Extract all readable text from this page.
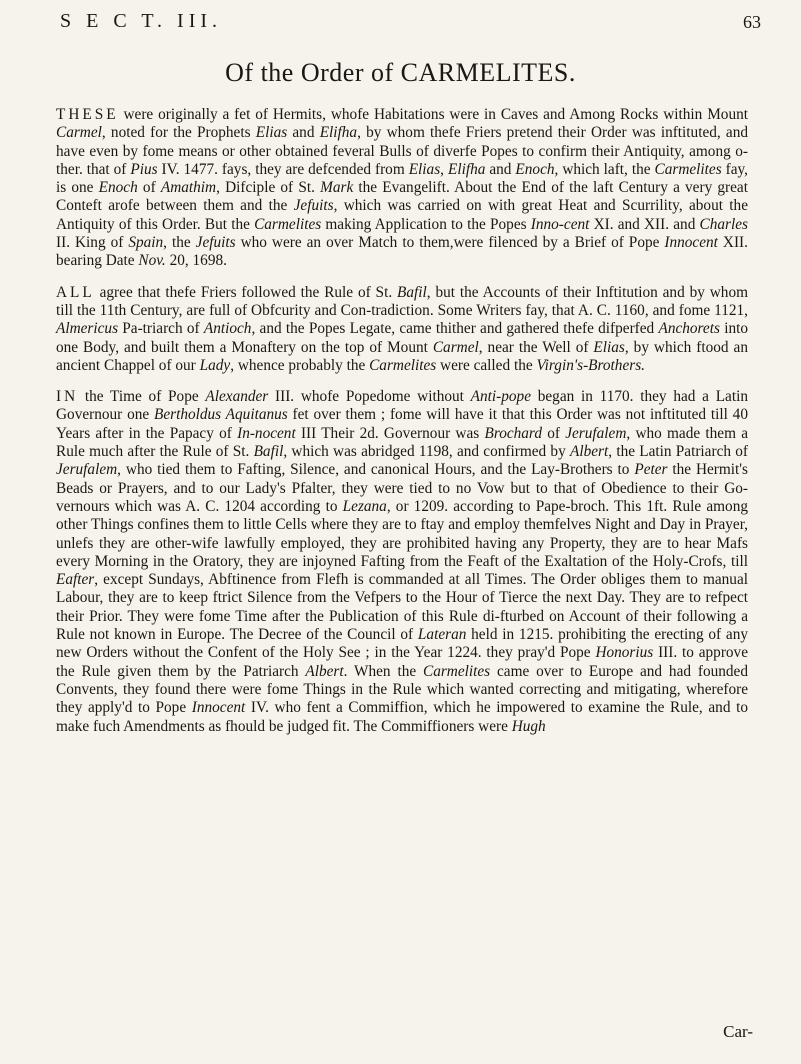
S E C T. III.	63
Of the Order of CARMELITES.

THESE were originally a fet of Hermits, whofe Habitations were in Caves and Among Rocks within Mount Carmel, noted for the Prophets Elias and Elifha, by whom thefe Friers pretend their Order was inftituted, and have even by fome means or other obtained feveral Bulls of diverfe Popes to confirm their Antiquity, among o-ther. that of Pius IV. 1477. fays, they are defcended from Elias, Elifha and Enoch, which laft, the Carmelites fay, is one Enoch of Amathim, Difciple of St. Mark the Evangelift. About the End of the laft Century a very great Conteft arofe between them and the Jefuits, which was carried on with great Heat and Scurrility, about the Antiquity of this Order. But the Carmelites making Application to the Popes Inno-cent XI. and XII. and Charles II. King of Spain, the Jefuits who were an over Match to them,were filenced by a Brief of Pope Innocent XII. bearing Date Nov. 20, 1698.

ALL agree that thefe Friers followed the Rule of St. Bafil, but the Accounts of their Inftitution and by whom till the 11th Century, are full of Obfcurity and Con-tradiction. Some Writers fay, that A. C. 1160, and fome 1121, Almericus Pa-triarch of Antioch, and the Popes Legate, came thither and gathered thefe difperfed Anchorets into one Body, and built them a Monaftery on the top of Mount Carmel, near the Well of Elias, by which ftood an ancient Chappel of our Lady, whence probably the Carmelites were called the Virgin's-Brothers.

IN the Time of Pope Alexander III. whofe Popedome without Anti-pope began in 1170. they had a Latin Governour one Bertholdus Aquitanus fet over them ; fome will have it that this Order was not inftituted till 40 Years after in the Papacy of In-nocent III Their 2d. Governour was Brochard of Jerufalem, who made them a Rule much after the Rule of St. Bafil, which was abridged 1198, and confirmed by Albert, the Latin Patriarch of Jerufalem, who tied them to Fafting, Silence, and canonical Hours, and the Lay-Brothers to Peter the Hermit's Beads or Prayers, and to our Lady's Pfalter, they were tied to no Vow but to that of Obedience to their Go-vernours which was A. C. 1204 according to Lezana, or 1209. according to Pape-broch. This 1ft. Rule among other Things confines them to little Cells where they are to ftay and employ themfelves Night and Day in Prayer, unlefs they are other-wife lawfully employed, they are prohibited having any Property, they are to hear Mafs every Morning in the Oratory, they are injoyned Fafting from the Feaft of the Exaltation of the Holy-Crofs, till Eafter, except Sundays, Abftinence from Flefh is commanded at all Times. The Order obliges them to manual Labour, they are to keep ftrict Silence from the Vefpers to the Hour of Tierce the next Day. They are to refpect their Prior. They were fome Time after the Publication of this Rule di-fturbed on Account of their following a Rule not known in Europe. The Decree of the Council of Lateran held in 1215. prohibiting the erecting of any new Orders without the Confent of the Holy See ; in the Year 1224. they pray'd Pope Honorius III. to approve the Rule given them by the Patriarch Albert. When the Carmelites came over to Europe and had founded Convents, they found there were fome Things in the Rule which wanted correcting and mitigating, wherefore they apply'd to Pope Innocent IV. who fent a Commiffion, which he impowered to examine the Rule, and to make fuch Amendments as fhould be judged fit. The Commiffioners were Hugh

Car-
